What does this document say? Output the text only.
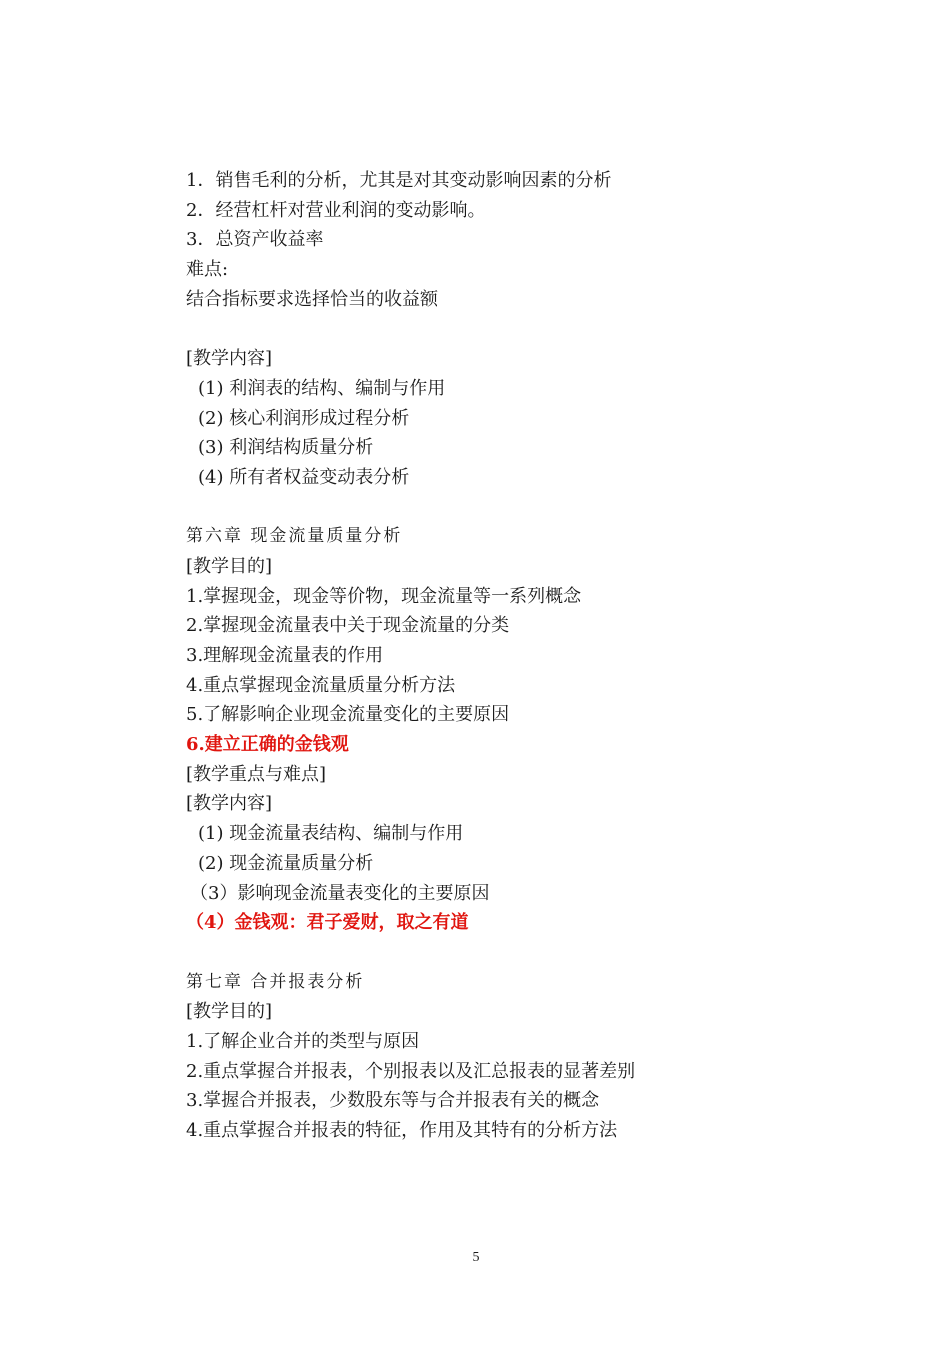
1．销售毛利的分析，尤其是对其变动影响因素的分析
2．经营杠杆对营业利润的变动影响。
3．总资产收益率
难点:
结合指标要求选择恰当的收益额
[教学内容]
(1) 利润表的结构、编制与作用
(2) 核心利润形成过程分析
(3) 利润结构质量分析
(4) 所有者权益变动表分析
第六章 现金流量质量分析
[教学目的]
1.掌握现金，现金等价物，现金流量等一系列概念
2.掌握现金流量表中关于现金流量的分类
3.理解现金流量表的作用
4.重点掌握现金流量质量分析方法
5.了解影响企业现金流量变化的主要原因
6.建立正确的金钱观
[教学重点与难点]
[教学内容]
(1) 现金流量表结构、编制与作用
(2) 现金流量质量分析
（3）影响现金流量表变化的主要原因
（4）金钱观：君子爱财，取之有道
第七章 合并报表分析
[教学目的]
1.了解企业合并的类型与原因
2.重点掌握合并报表，个别报表以及汇总报表的显著差别
3.掌握合并报表，少数股东等与合并报表有关的概念
4.重点掌握合并报表的特征，作用及其特有的分析方法
5
